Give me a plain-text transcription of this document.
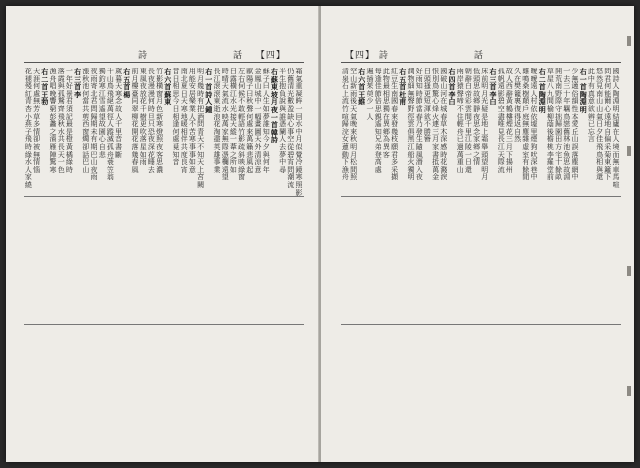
詩　　　　話 【四】
霜氣重凝眸一回水中月似覺冷鏡寒照影
仍舊清光數盈缺心事空從碧宵問潮流
平生抱負說與誰憑闌人去夢中尋
右蘇東坡月夜一首　　　韓　　詩
蘇子曰人生如夢誰知今夕與何年
金鳳山城中一幅畫圖天外清涼意
歐陽子曰秋聲何處來萬籟悲風起
左右伺候不敢輕語竹影疏斜映綠窗
白露橫江水光接天縱一葦之所如
時晴天氣流水映萬家無際憑欄遠望
長江滾滾東逝浪花淘盡英雄事業
右一首　　　　　　　詩人　　鍾
明月幾時有把酒問青天不知天上宮闕
用能安居樂業人不苦寒事事如意
南北夏日天寒地暖相伴共度良宵
昔日相思今日相逢何處覓知音
右六首　　　　　　　　　蘇　　東
竹影橫窗月色新寒燈照夜客思濃
長夜漫漫何時旦只恐夜深花睡去
東風夜放花千樹更吹落星如雨
前月樓臺同翠柳花開花落幾春風
右五首　　　　　　　　　　　楊
歲暮天寒念故人千里音書斷
千山鳥飛絕萬徑人蹤滅孤舟蓑笠翁
獨釣寒江雪遙望故園心自悲
夜雨寄北君問歸期未有期巴山夜雨
漲秋池何當共剪西窗燭卻話巴山
右三首　　　　　　　　　　　李
一年好景君須記最是橙黃橘綠時
落霞與孤鶩齊飛秋水共長天一色
漁舟唱晚響窮彭蠡之濱雁陣驚寒
右二首　　　　　　　　王　　勃
天涯何處無芳草多情卻被無情惱
花褪殘紅青杏小燕子飛時綠水人家繞
【四】 詩　　　　話
國詩人陶淵明結廬在人境而無車馬喧
問君何能爾心遠地自偏采菊東籬下
悠然見南山山氣日夕佳飛鳥相與還
此中有真意欲辨已忘言
右一首　　　　　　　　陶　淵　明
少無適俗韻性本愛丘山誤落塵網中
一去三十年羈鳥戀舊林池魚思故淵
開荒南野際守拙歸園田方宅十餘畝
草屋八九間榆柳蔭後檐桃李羅堂前
右二首　　　　　　　　陶　淵　明
曖曖遠人村依依墟里煙狗吠深巷中
雞鳴桑樹顛戶庭無塵雜虛室有餘閒
久在樊籠裏復得返自然
故人西辭黃鶴樓煙花三月下揚州
孤帆遠影碧空盡唯見長江天際流
右三首　　　　　　　　李　　白
床前明月光疑是地上霜舉頭望明月
低頭思故鄉靜夜思念家鄉之情
朝辭白帝彩雲間千里江陵一日還
兩岸猿聲啼不住輕舟已過萬重山
右四首　　　　　　　　李　　白
國破山河在城春草木深感時花濺淚
恨別鳥驚心烽火連三月家書抵萬金
白頭搔更短渾欲不勝簪
好雨知時節當春乃發生隨風潛入夜
潤物細無聲野徑雲俱黑江船火獨明
右五首　　　　　　　　杜　　甫
紅豆生南國春來發幾枝願君多采擷
此物最相思獨在異鄉為異客
每逢佳節倍思親遙知兄弟登高處
遍插茱萸少一人
右六首　　　　　　　　王　　維
空山新雨後天氣晚來秋明月松間照
清泉石上流竹喧歸浣女蓮動下漁舟
